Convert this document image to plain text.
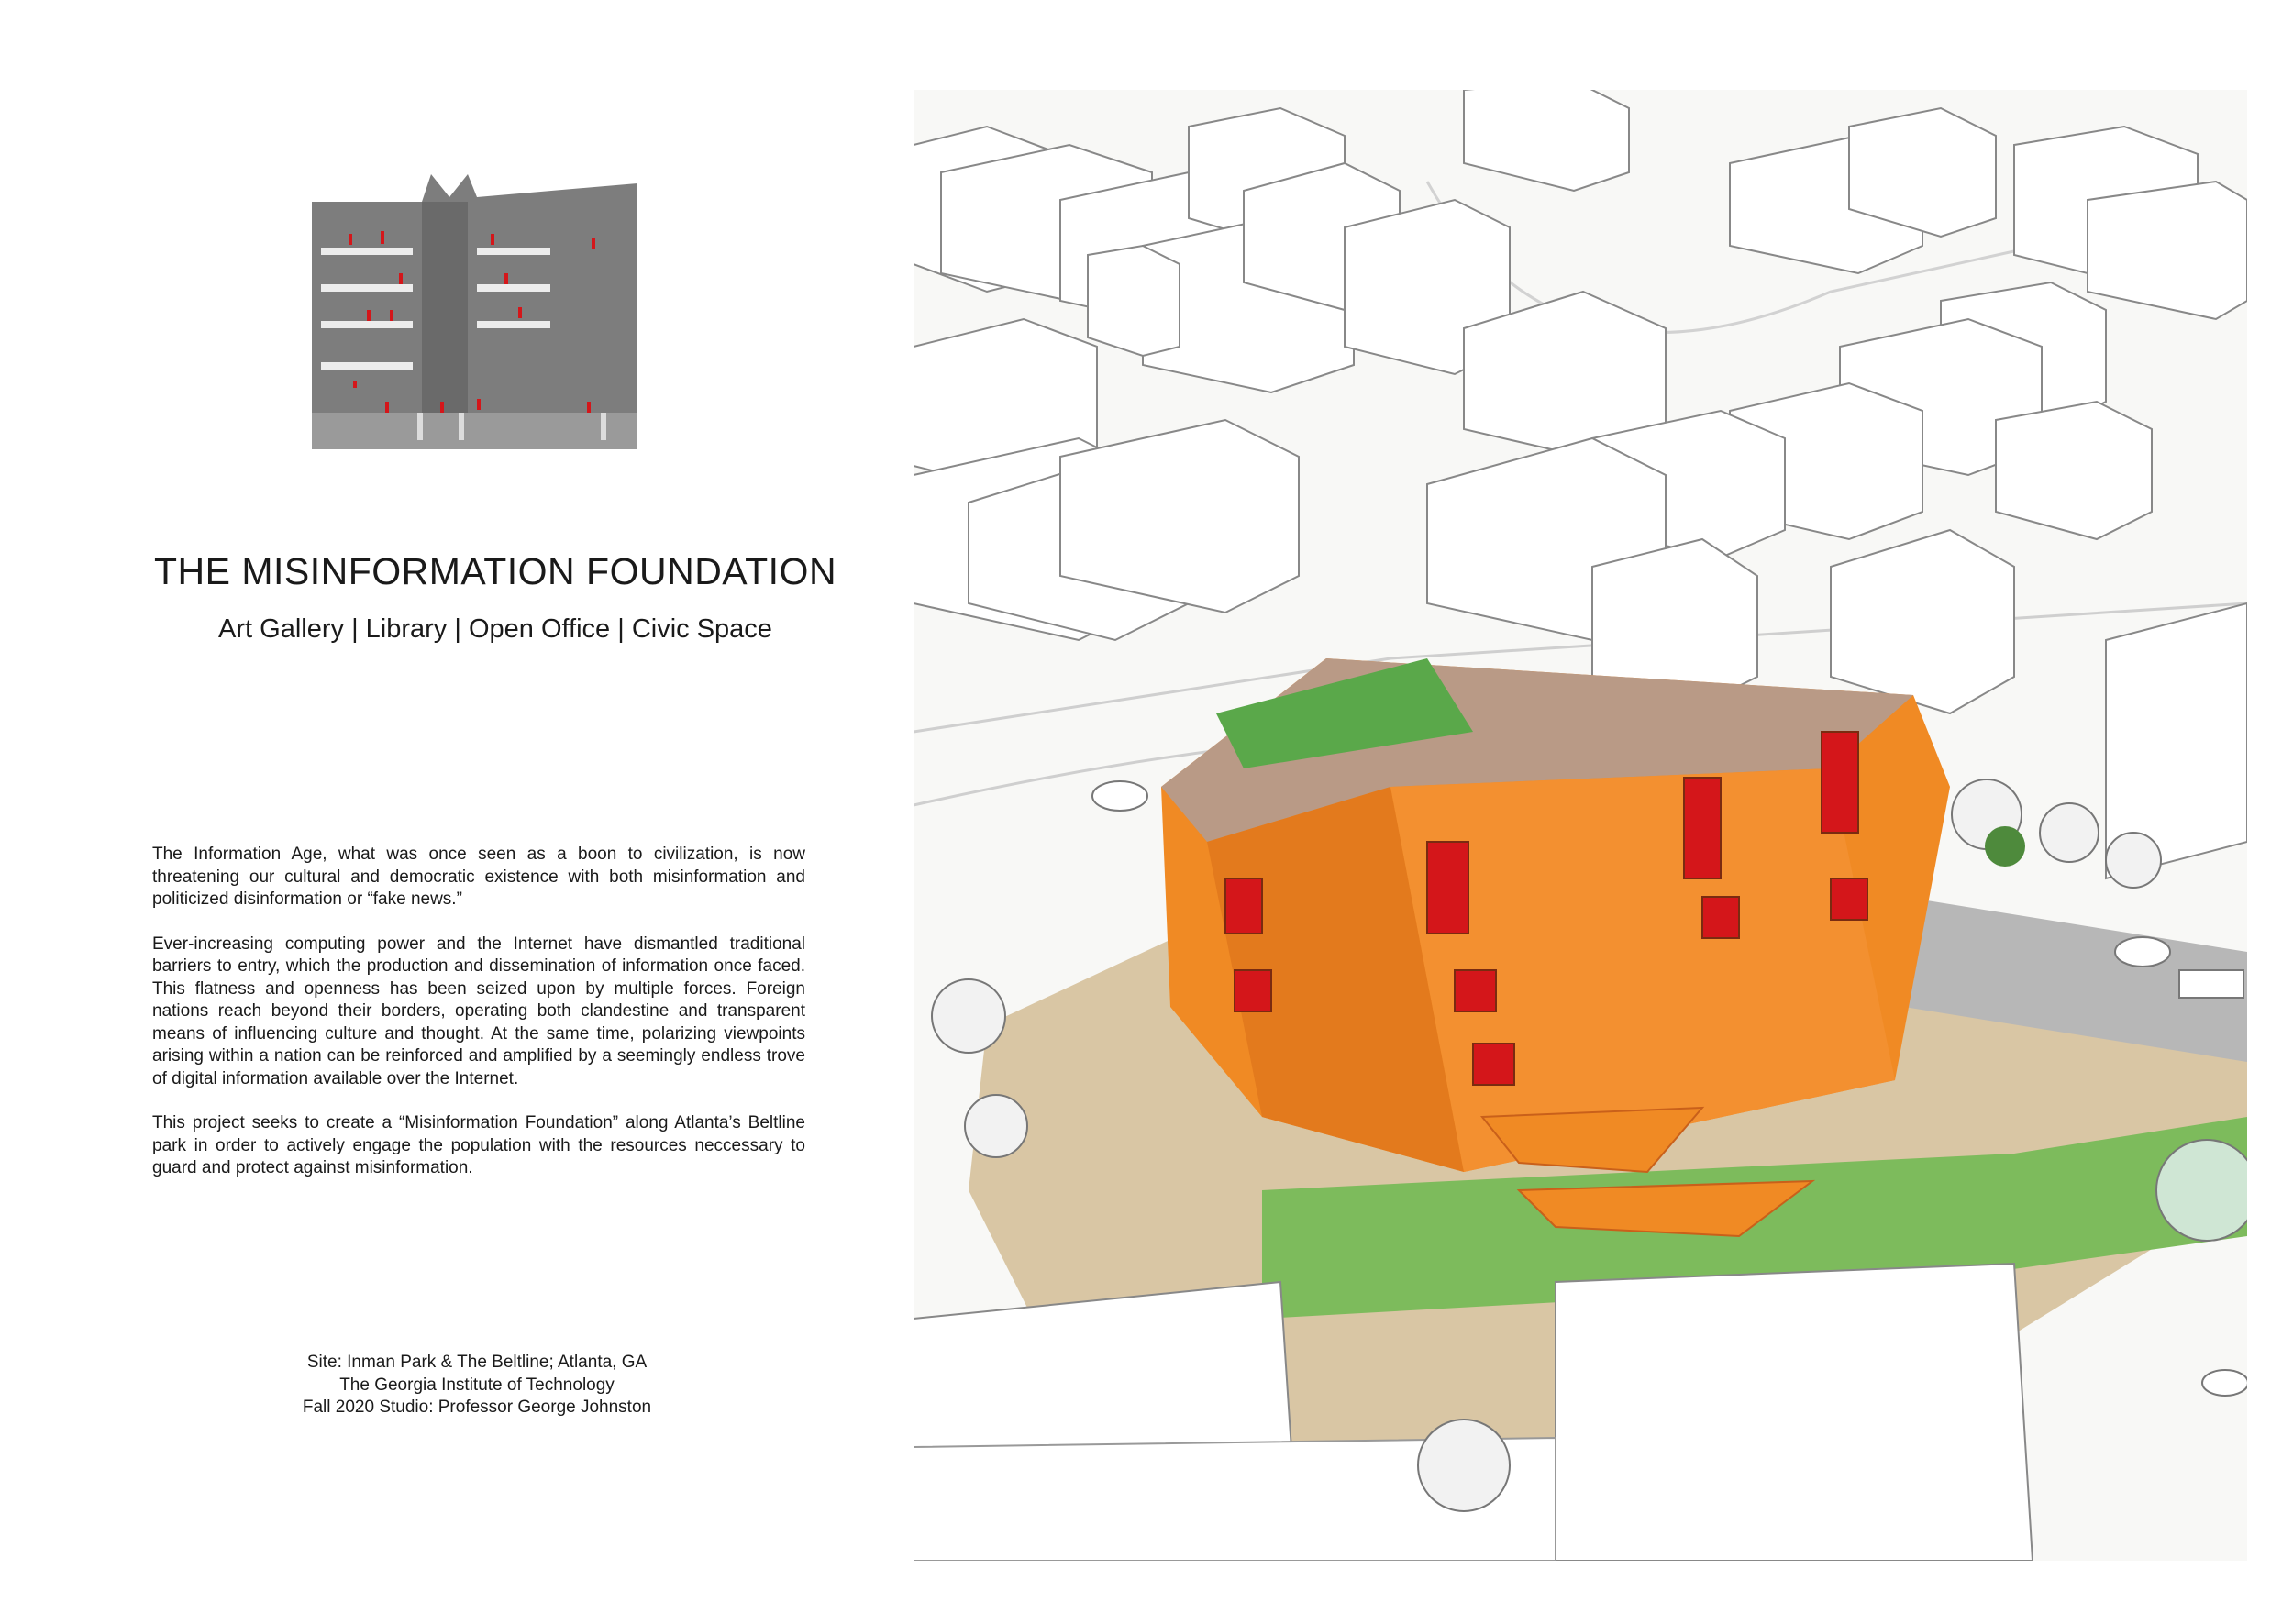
THE MISINFORMATION FOUNDATION
Art Gallery | Library | Open Office | Civic Space

The Information Age, what was once seen as a boon to civilization, is now threatening our cultural and democratic existence with both misinformation and politicized disinformation or “fake news.”

Ever-increasing computing power and the Internet have dismantled traditional barriers to entry, which the production and dissemination of information once faced. This flatness and openness has been seized upon by multiple forces. Foreign nations reach beyond their borders, operating both clandestine and transparent means of influencing culture and thought. At the same time, polarizing viewpoints arising within a nation can be reinforced and amplified by a seemingly endless trove of digital information available over the Internet.

This project seeks to create a “Misinformation Foundation” along Atlanta’s Beltline park in order to actively engage the population with the resources neccessary to guard and protect against misinformation.

Site: Inman Park & The Beltline; Atlanta, GA
The Georgia Institute of Technology
Fall 2020 Studio: Professor George Johnston
